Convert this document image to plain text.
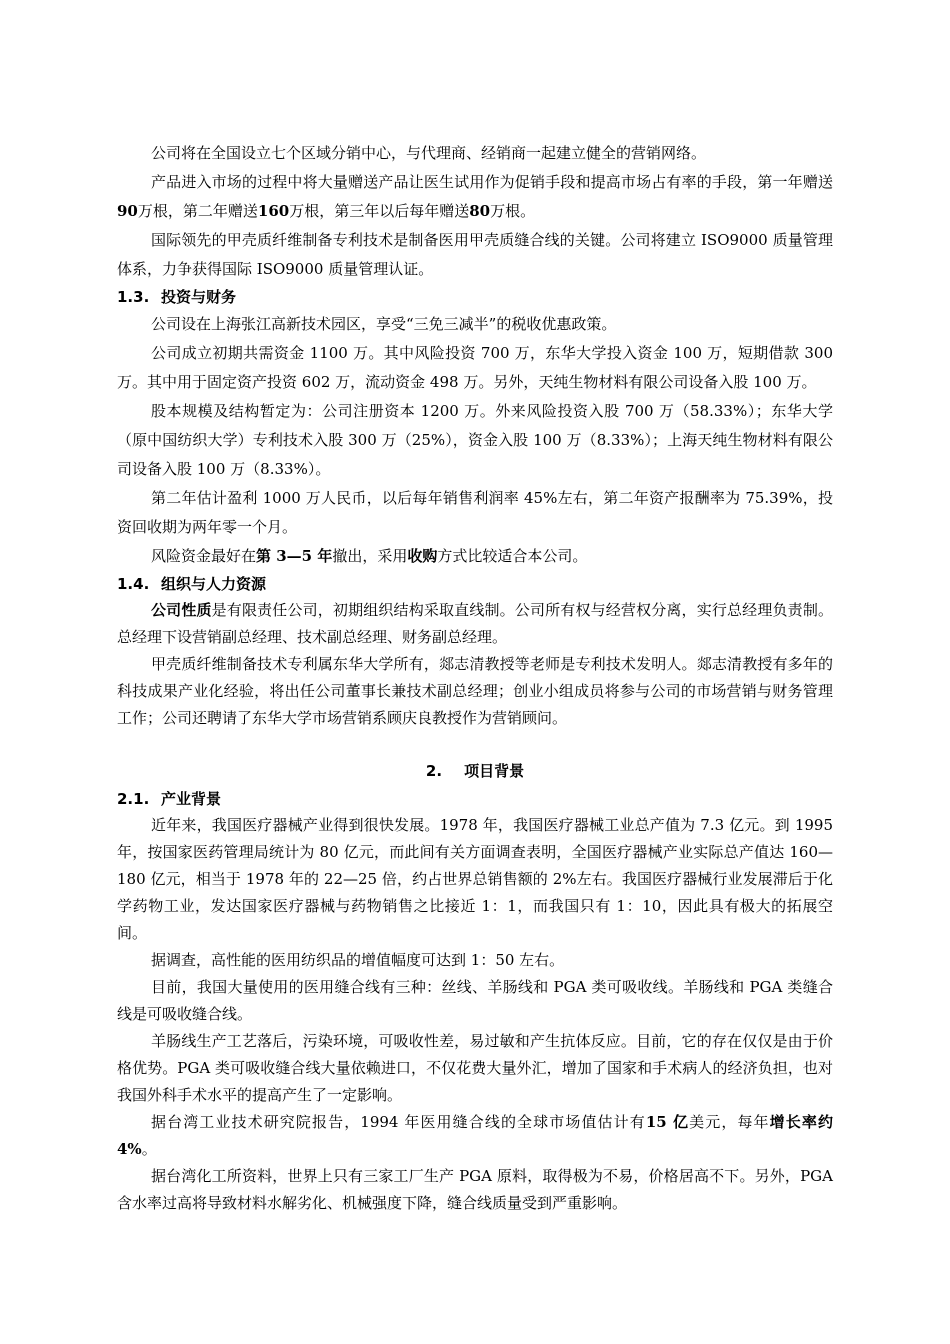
公司将在全国设立七个区域分销中心，与代理商、经销商一起建立健全的营销网络。

产品进入市场的过程中将大量赠送产品让医生试用作为促销手段和提高市场占有率的手段，第一年赠送90万根，第二年赠送160万根，第三年以后每年赠送80万根。

国际领先的甲壳质纤维制备专利技术是制备医用甲壳质缝合线的关键。公司将建立 ISO9000 质量管理体系，力争获得国际 ISO9000 质量管理认证。

1.3. 投资与财务

公司设在上海张江高新技术园区，享受“三免三减半”的税收优惠政策。

公司成立初期共需资金 1100 万。其中风险投资 700 万，东华大学投入资金 100 万，短期借款 300 万。其中用于固定资产投资 602 万，流动资金 498 万。另外，天纯生物材料有限公司设备入股 100 万。

股本规模及结构暂定为：公司注册资本 1200 万。外来风险投资入股 700 万（58.33%）；东华大学（原中国纺织大学）专利技术入股 300 万（25%），资金入股 100 万（8.33%）；上海天纯生物材料有限公司设备入股 100 万（8.33%）。

第二年估计盈利 1000 万人民币，以后每年销售利润率 45%左右，第二年资产报酬率为 75.39%，投资回收期为两年零一个月。

风险资金最好在第 3—5 年撤出，采用收购方式比较适合本公司。

1.4. 组织与人力资源

公司性质是有限责任公司，初期组织结构采取直线制。公司所有权与经营权分离，实行总经理负责制。总经理下设营销副总经理、技术副总经理、财务副总经理。

甲壳质纤维制备技术专利属东华大学所有，郯志清教授等老师是专利技术发明人。郯志清教授有多年的科技成果产业化经验，将出任公司董事长兼技术副总经理；创业小组成员将参与公司的市场营销与财务管理工作；公司还聘请了东华大学市场营销系顾庆良教授作为营销顾问。

2. 项目背景
2.1. 产业背景

近年来，我国医疗器械产业得到很快发展。1978 年，我国医疗器械工业总产值为 7.3 亿元。到 1995 年，按国家医药管理局统计为 80 亿元，而此间有关方面调查表明，全国医疗器械产业实际总产值达 160—180 亿元，相当于 1978 年的 22—25 倍，约占世界总销售额的 2%左右。我国医疗器械行业发展滞后于化学药物工业，发达国家医疗器械与药物销售之比接近 1：1，而我国只有 1：10，因此具有极大的拓展空间。

据调查，高性能的医用纺织品的增值幅度可达到 1：50 左右。

目前，我国大量使用的医用缝合线有三种：丝线、羊肠线和 PGA 类可吸收线。羊肠线和 PGA 类缝合线是可吸收缝合线。

羊肠线生产工艺落后，污染环境，可吸收性差，易过敏和产生抗体反应。目前，它的存在仅仅是由于价格优势。PGA 类可吸收缝合线大量依赖进口，不仅花费大量外汇，增加了国家和手术病人的经济负担，也对我国外科手术水平的提高产生了一定影响。

据台湾工业技术研究院报告，1994 年医用缝合线的全球市场值估计有15 亿美元，每年增长率约 4%。

据台湾化工所资料，世界上只有三家工厂生产 PGA 原料，取得极为不易，价格居高不下。另外，PGA 含水率过高将导致材料水解劣化、机械强度下降，缝合线质量受到严重影响。
